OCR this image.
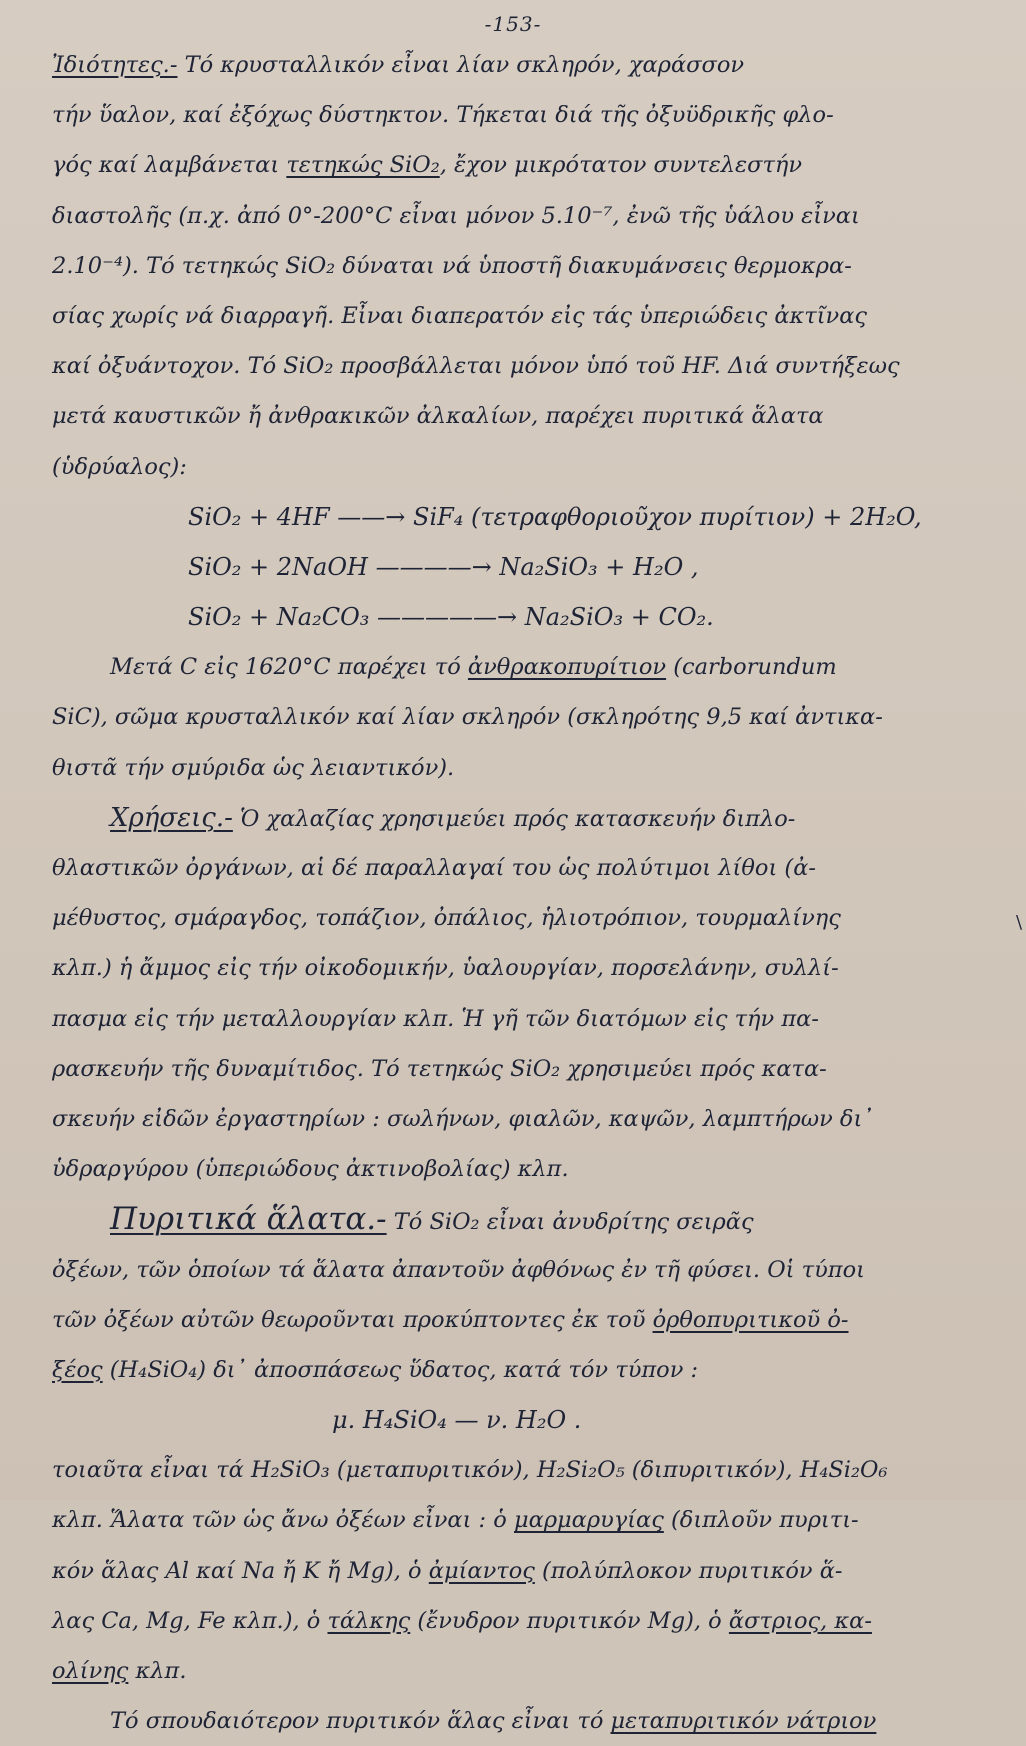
-153-
Ἰδιότητες.- Τό κρυσταλλικόν εἶναι λίαν σκληρόν, χαράσσον
τήν ὕαλον, καί ἐξόχως δύστηκτον. Τήκεται διά τῆς ὀξυϋδρικῆς φλο-
γός καί λαμβάνεται τετηκώς SiO₂, ἔχον μικρότατον συντελεστήν
διαστολῆς (π.χ. ἀπό 0°-200°C εἶναι μόνον 5.10⁻⁷, ἐνῶ τῆς ὑάλου εἶναι
2.10⁻⁴). Τό τετηκώς SiO₂ δύναται νά ὑποστῆ διακυμάνσεις θερμοκρα-
σίας χωρίς νά διαρραγῆ. Εἶναι διαπερατόν εἰς τάς ὑπεριώδεις ἀκτῖνας
καί ὀξυάντοχον. Τό SiO₂ προσβάλλεται μόνον ὑπό τοῦ HF. Διά συντήξεως
μετά καυστικῶν ἤ ἀνθρακικῶν ἀλκαλίων, παρέχει πυριτικά ἅλατα
(ὑδρύαλος):
SiO₂ + 4HF ——→ SiF₄ (τετραφθοριοῦχον πυρίτιον) + 2H₂O,
SiO₂ + 2NaOH ————→ Na₂SiO₃ + H₂O ,
SiO₂ + Na₂CO₃ —————→ Na₂SiO₃ + CO₂.
Μετά C εἰς 1620°C παρέχει τό ἀνθρακοπυρίτιον (carborundum
SiC), σῶμα κρυσταλλικόν καί λίαν σκληρόν (σκληρότης 9,5 καί ἀντικα-
θιστᾶ τήν σμύριδα ὡς λειαντικόν).
Χρήσεις.- Ὁ χαλαζίας χρησιμεύει πρός κατασκευήν διπλο-
θλαστικῶν ὀργάνων, αἱ δέ παραλλαγαί του ὡς πολύτιμοι λίθοι (ἀ-
μέθυστος, σμάραγδος, τοπάζιον, ὀπάλιος, ἡλιοτρόπιον, τουρμαλίνης
κλπ.) ἡ ἄμμος εἰς τήν οἰκοδομικήν, ὑαλουργίαν, πορσελάνην, συλλί-
πασμα εἰς τήν μεταλλουργίαν κλπ. Ἡ γῆ τῶν διατόμων εἰς τήν πα-
ρασκευήν τῆς δυναμίτιδος. Τό τετηκώς SiO₂ χρησιμεύει πρός κατα-
σκευήν εἰδῶν ἐργαστηρίων : σωλήνων, φιαλῶν, καψῶν, λαμπτήρων δι᾽
ὑδραργύρου (ὑπεριώδους ἀκτινοβολίας) κλπ.
Πυριτικά ἅλατα.- Τό SiO₂ εἶναι ἀνυδρίτης σειρᾶς
ὀξέων, τῶν ὁποίων τά ἅλατα ἀπαντοῦν ἀφθόνως ἐν τῆ φύσει. Οἱ τύποι
τῶν ὀξέων αὐτῶν θεωροῦνται προκύπτοντες ἐκ τοῦ ὀρθοπυριτικοῦ ὀ-
ξέος (H₄SiO₄) δι᾽ ἀποσπάσεως ὕδατος, κατά τόν τύπον :
μ. H₄SiO₄ — ν. H₂O .
τοιαῦτα εἶναι τά H₂SiO₃ (μεταπυριτικόν), H₂Si₂O₅ (διπυριτικόν), H₄Si₂O₆
κλπ. Ἅλατα τῶν ὡς ἄνω ὀξέων εἶναι : ὁ μαρμαρυγίας (διπλοῦν πυριτι-
κόν ἅλας Al καί Na ἤ K ἤ Mg), ὁ ἀμίαντος (πολύπλοκον πυριτικόν ἅ-
λας Ca, Mg, Fe κλπ.), ὁ τάλκης (ἔνυδρον πυριτικόν Mg), ὁ ἄστριος, κα-
ολίνης κλπ.
Τό σπουδαιότερον πυριτικόν ἅλας εἶναι τό μεταπυριτικόν νάτριον
\
